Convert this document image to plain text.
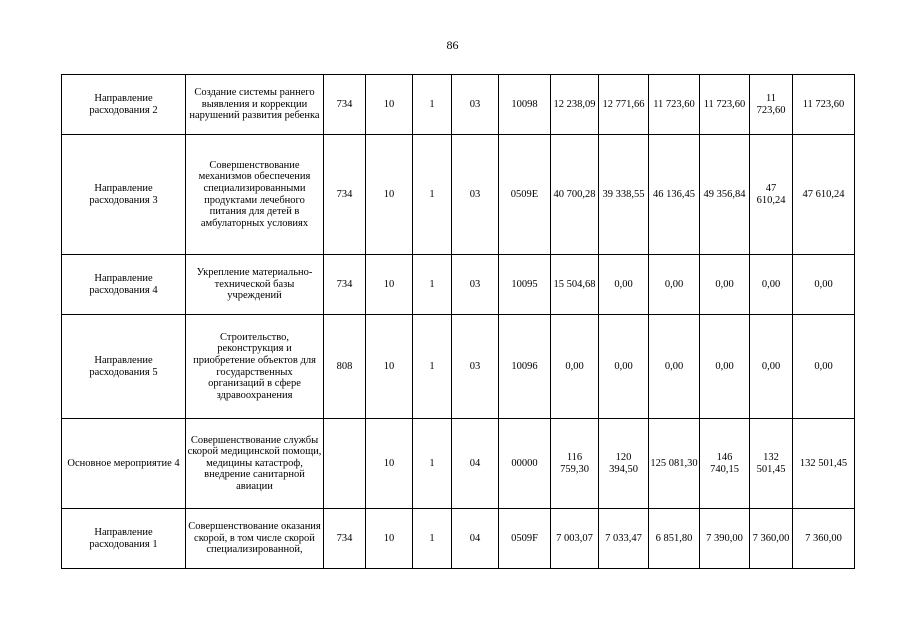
86
Направление расходования 2	Создание системы раннего выявления и коррекции нарушений развития ребенка	734	10	1	03	10098	12 238,09	12 771,66	11 723,60	11 723,60	11 723,60	11 723,60
Направление расходования 3	Совершенствование механизмов обеспечения специализированными продуктами лечебного питания для детей в амбулаторных условиях	734	10	1	03	0509E	40 700,28	39 338,55	46 136,45	49 356,84	47 610,24	47 610,24
Направление расходования 4	Укрепление материально-технической базы учреждений	734	10	1	03	10095	15 504,68	0,00	0,00	0,00	0,00	0,00
Направление расходования 5	Строительство, реконструкция и приобретение объектов для государственных организаций в сфере здравоохранения	808	10	1	03	10096	0,00	0,00	0,00	0,00	0,00	0,00
Основное мероприятие 4	Совершенствование службы скорой медицинской помощи, медицины катастроф, внедрение санитарной авиации		10	1	04	00000	116 759,30	120 394,50	125 081,30	146 740,15	132 501,45	132 501,45
Направление расходования 1	Совершенствование оказания скорой, в том числе скорой специализированной,	734	10	1	04	0509F	7 003,07	7 033,47	6 851,80	7 390,00	7 360,00	7 360,00
